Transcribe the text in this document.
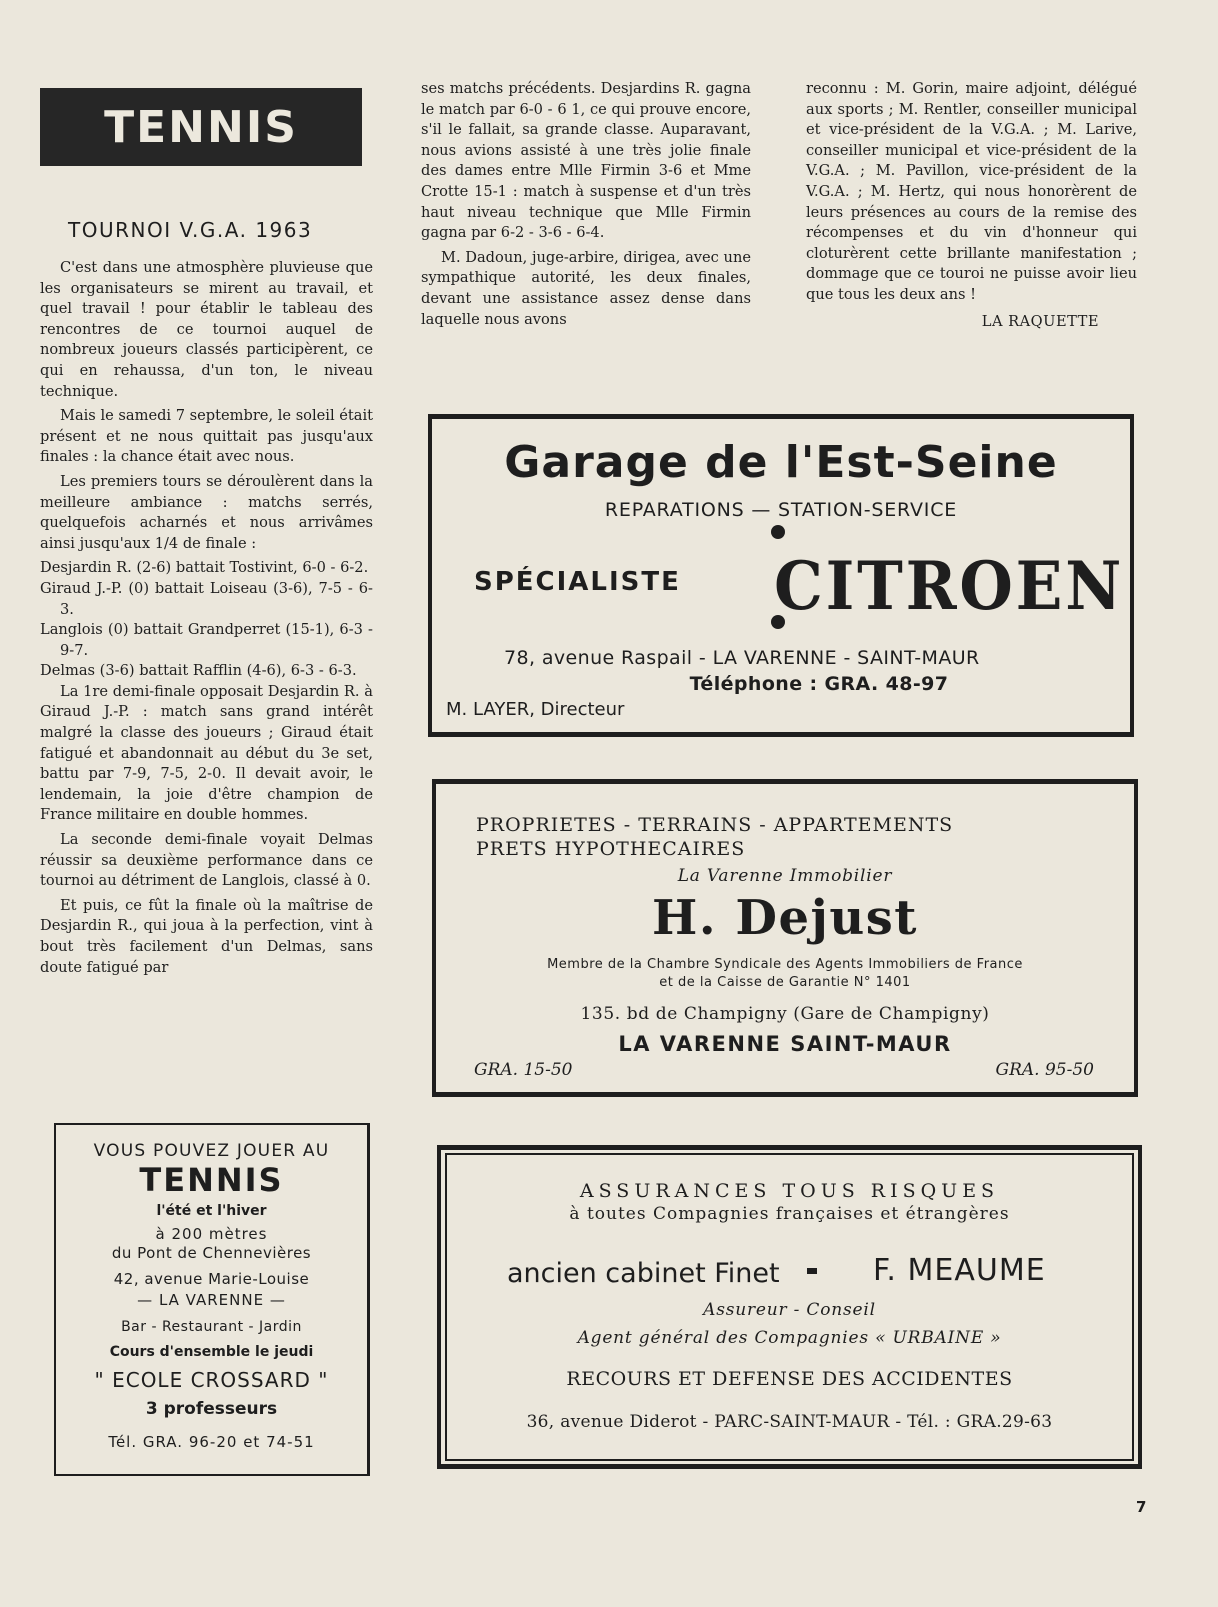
TENNIS
TOURNOI V.G.A. 1963

C'est dans une atmosphère pluvieuse que les organisateurs se mirent au travail, et quel travail ! pour établir le tableau des rencontres de ce tournoi auquel de nombreux joueurs classés participèrent, ce qui en rehaussa, d'un ton, le niveau technique.

Mais le samedi 7 septembre, le soleil était présent et ne nous quittait pas jusqu'aux finales : la chance était avec nous.

Les premiers tours se déroulèrent dans la meilleure ambiance : matchs serrés, quelquefois acharnés et nous arrivâmes ainsi jusqu'aux 1/4 de finale :

Desjardin R. (2-6) battait Tostivint, 6-0 - 6-2.

Giraud J.-P. (0) battait Loiseau (3-6), 7-5 - 6-3.

Langlois (0) battait Grandperret (15-1), 6-3 - 9-7.

Delmas (3-6) battait Rafflin (4-6), 6-3 - 6-3.

La 1re demi-finale opposait Desjardin R. à Giraud J.-P. : match sans grand intérêt malgré la classe des joueurs ; Giraud était fatigué et abandonnait au début du 3e set, battu par 7-9, 7-5, 2-0. Il devait avoir, le lendemain, la joie d'être champion de France militaire en double hommes.

La seconde demi-finale voyait Delmas réussir sa deuxième performance dans ce tournoi au détriment de Langlois, classé à 0.

Et puis, ce fût la finale où la maîtrise de Desjardin R., qui joua à la perfection, vint à bout très facilement d'un Delmas, sans doute fatigué par

ses matchs précédents. Desjardins R. gagna le match par 6-0 - 6 1, ce qui prouve encore, s'il le fallait, sa grande classe. Auparavant, nous avions assisté à une très jolie finale des dames entre Mlle Firmin 3-6 et Mme Crotte 15-1 : match à suspense et d'un très haut niveau technique que Mlle Firmin gagna par 6-2 - 3-6 - 6-4.

M. Dadoun, juge-arbire, dirigea, avec une sympathique autorité, les deux finales, devant une assistance assez dense dans laquelle nous avons

reconnu : M. Gorin, maire adjoint, délégué aux sports ; M. Rentler, conseiller municipal et vice-président de la V.G.A. ; M. Larive, conseiller municipal et vice-président de la V.G.A. ; M. Pavillon, vice-président de la V.G.A. ; M. Hertz, qui nous honorèrent de leurs présences au cours de la remise des récompenses et du vin d'honneur qui cloturèrent cette brillante manifestation ; dommage que ce touroi ne puisse avoir lieu que tous les deux ans !

LA RAQUETTE
Garage de l'Est-Seine
REPARATIONS — STATION-SERVICE
SPÉCIALISTE CITROEN
78, avenue Raspail - LA VARENNE - SAINT-MAUR
Téléphone : GRA. 48-97
M. LAYER, Directeur
PROPRIETES - TERRAINS - APPARTEMENTS
PRETS HYPOTHECAIRES
La Varenne Immobilier
H. Dejust
Membre de la Chambre Syndicale des Agents Immobiliers de France
et de la Caisse de Garantie N° 1401
135. bd de Champigny (Gare de Champigny)
LA VARENNE SAINT-MAUR
GRA. 15-50	GRA. 95-50
VOUS POUVEZ JOUER AU
TENNIS
l'été et l'hiver
à 200 mètres
du Pont de Chennevières
42, avenue Marie-Louise
— LA VARENNE —
Bar - Restaurant - Jardin
Cours d'ensemble le jeudi
" ECOLE CROSSARD "
3 professeurs
Tél. GRA. 96-20 et 74-51
ASSURANCES TOUS RISQUES
à toutes Compagnies françaises et étrangères
ancien cabinet Finet	F. MEAUME
Assureur - Conseil
Agent général des Compagnies « URBAINE »
RECOURS ET DEFENSE DES ACCIDENTES
36, avenue Diderot - PARC-SAINT-MAUR - Tél. : GRA.29-63
7
